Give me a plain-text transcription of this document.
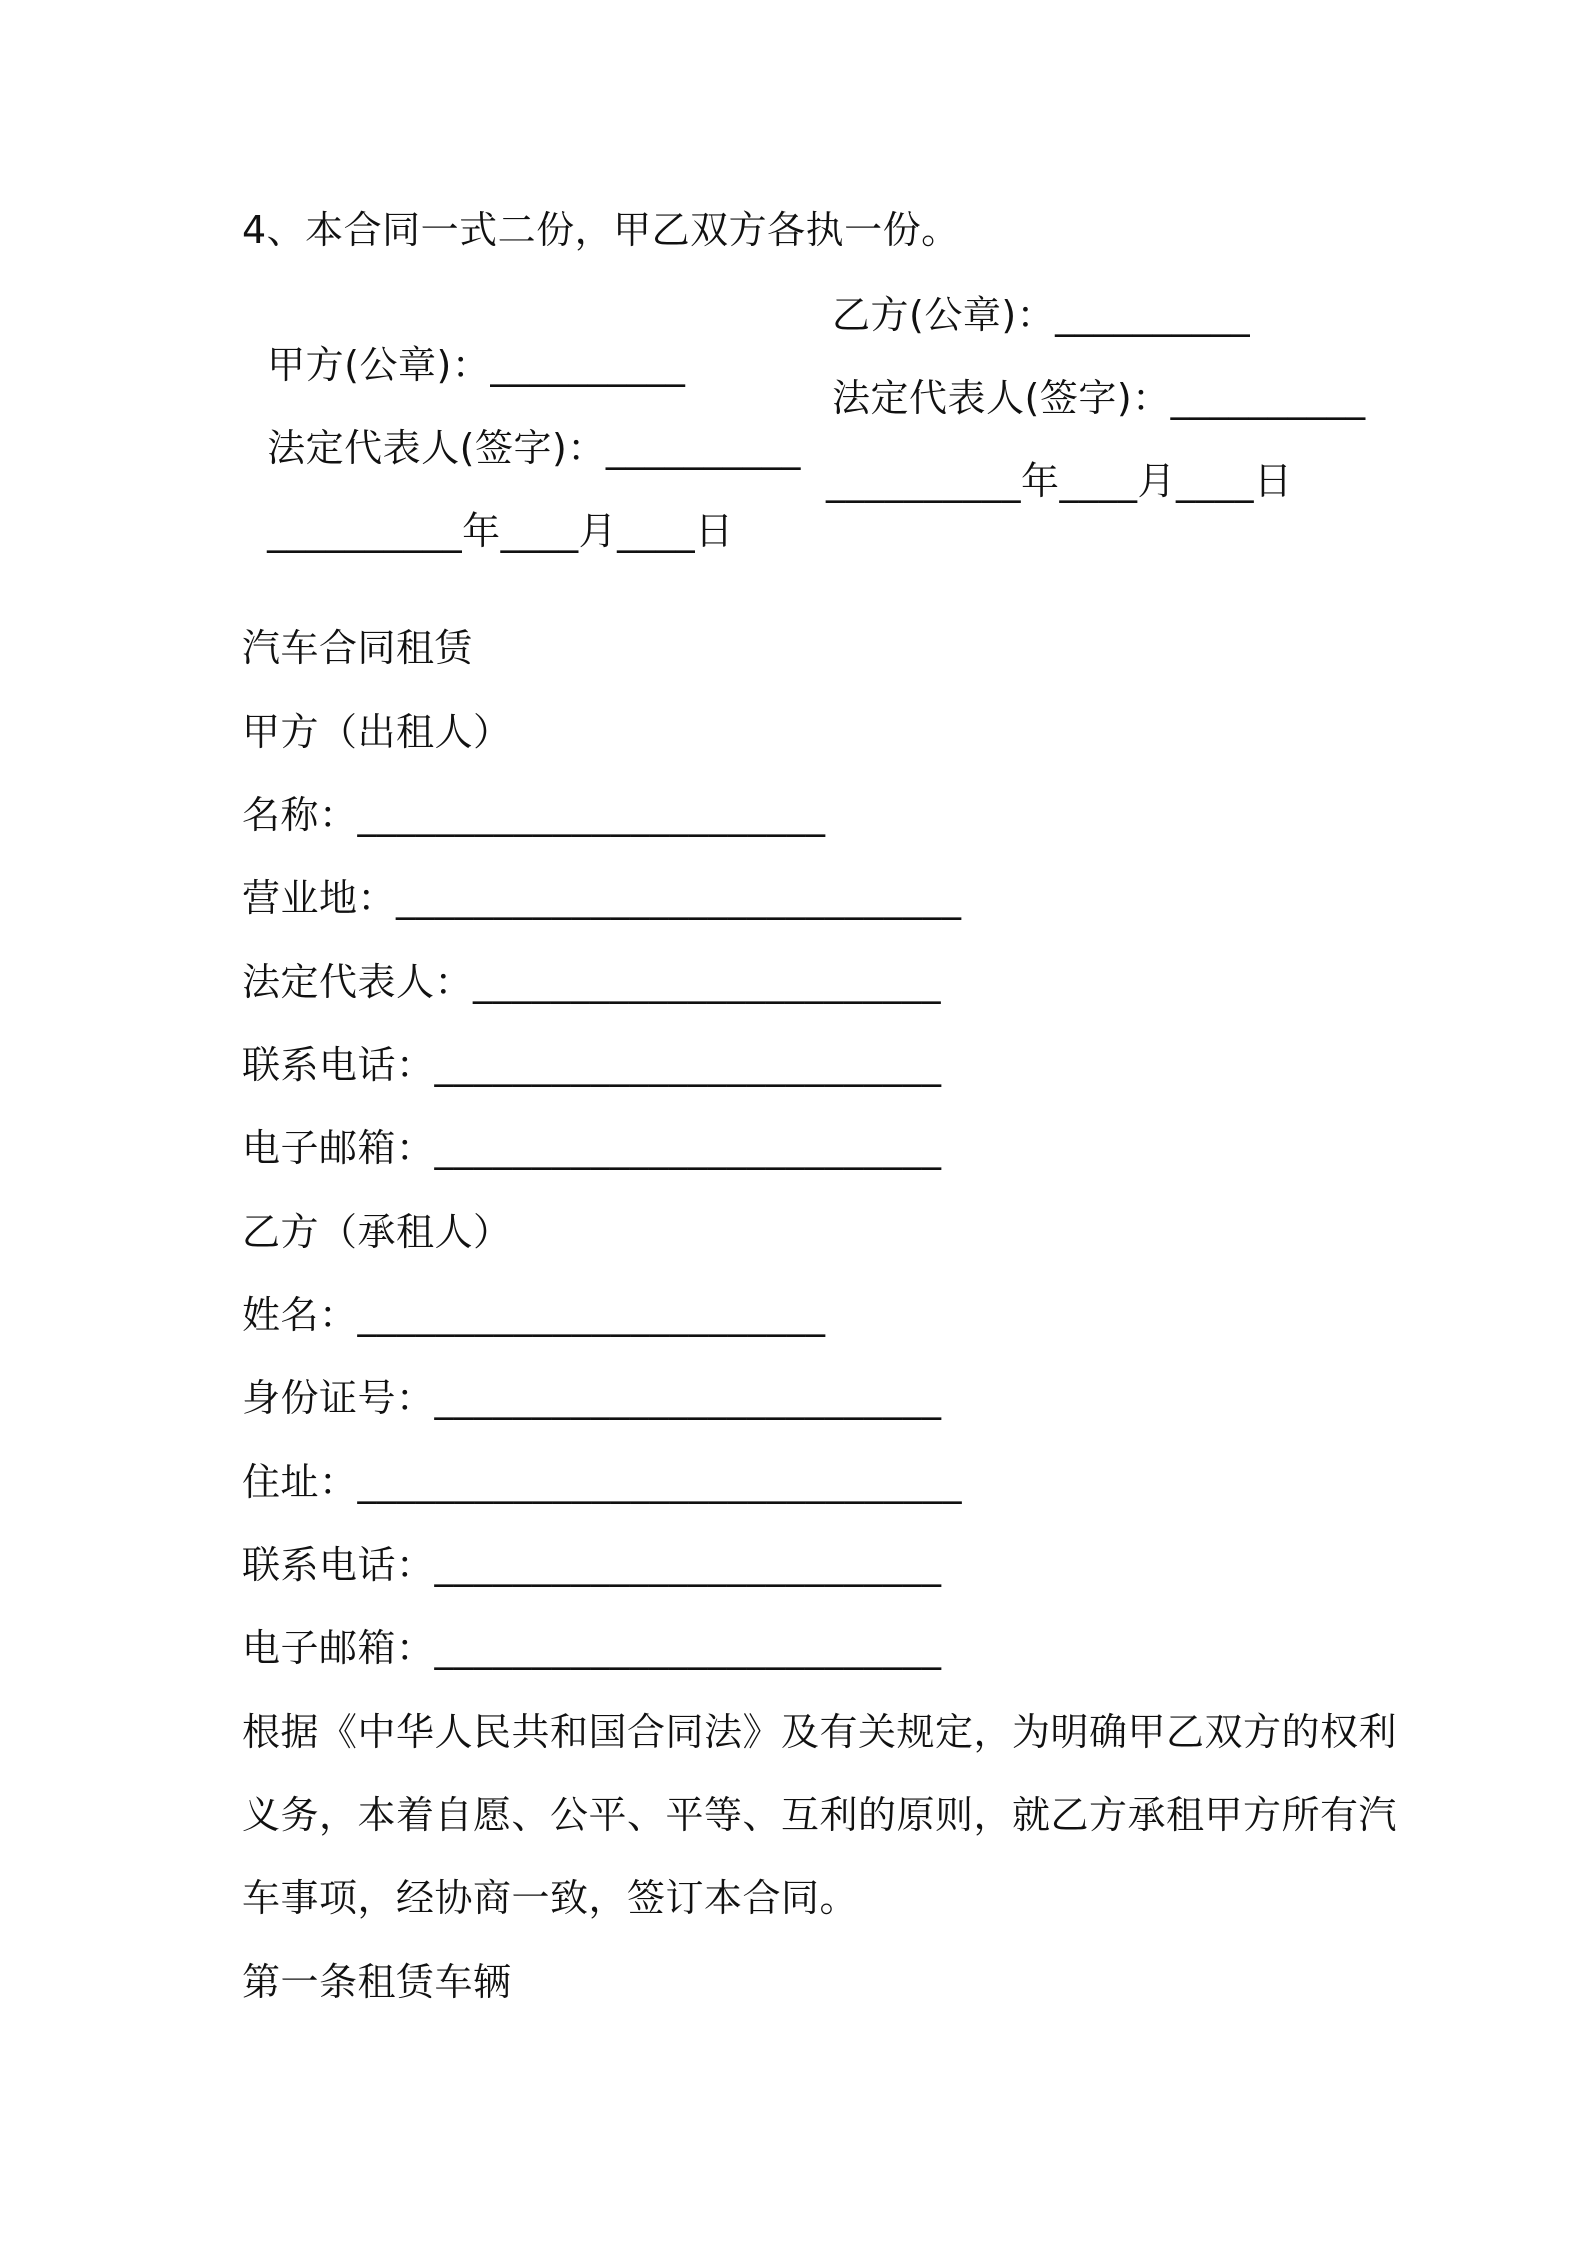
4、本合同一式二份，甲乙双方各执一份。

甲方(公章)：__________

乙方(公章)：__________

法定代表人(签字)：__________

法定代表人(签字)：__________

__________年____月____日

__________年____月____日

汽车合同租赁

甲方（出租人）

名称：________________________

营业地：_____________________________

法定代表人：________________________

联系电话：__________________________

电子邮箱：__________________________

乙方（承租人）

姓名：________________________

身份证号：__________________________

住址：_______________________________

联系电话：__________________________

电子邮箱：__________________________

根据《中华人民共和国合同法》及有关规定，为明确甲乙双方的权利

义务，本着自愿、公平、平等、互利的原则，就乙方承租甲方所有汽

车事项，经协商一致，签订本合同。

第一条租赁车辆
